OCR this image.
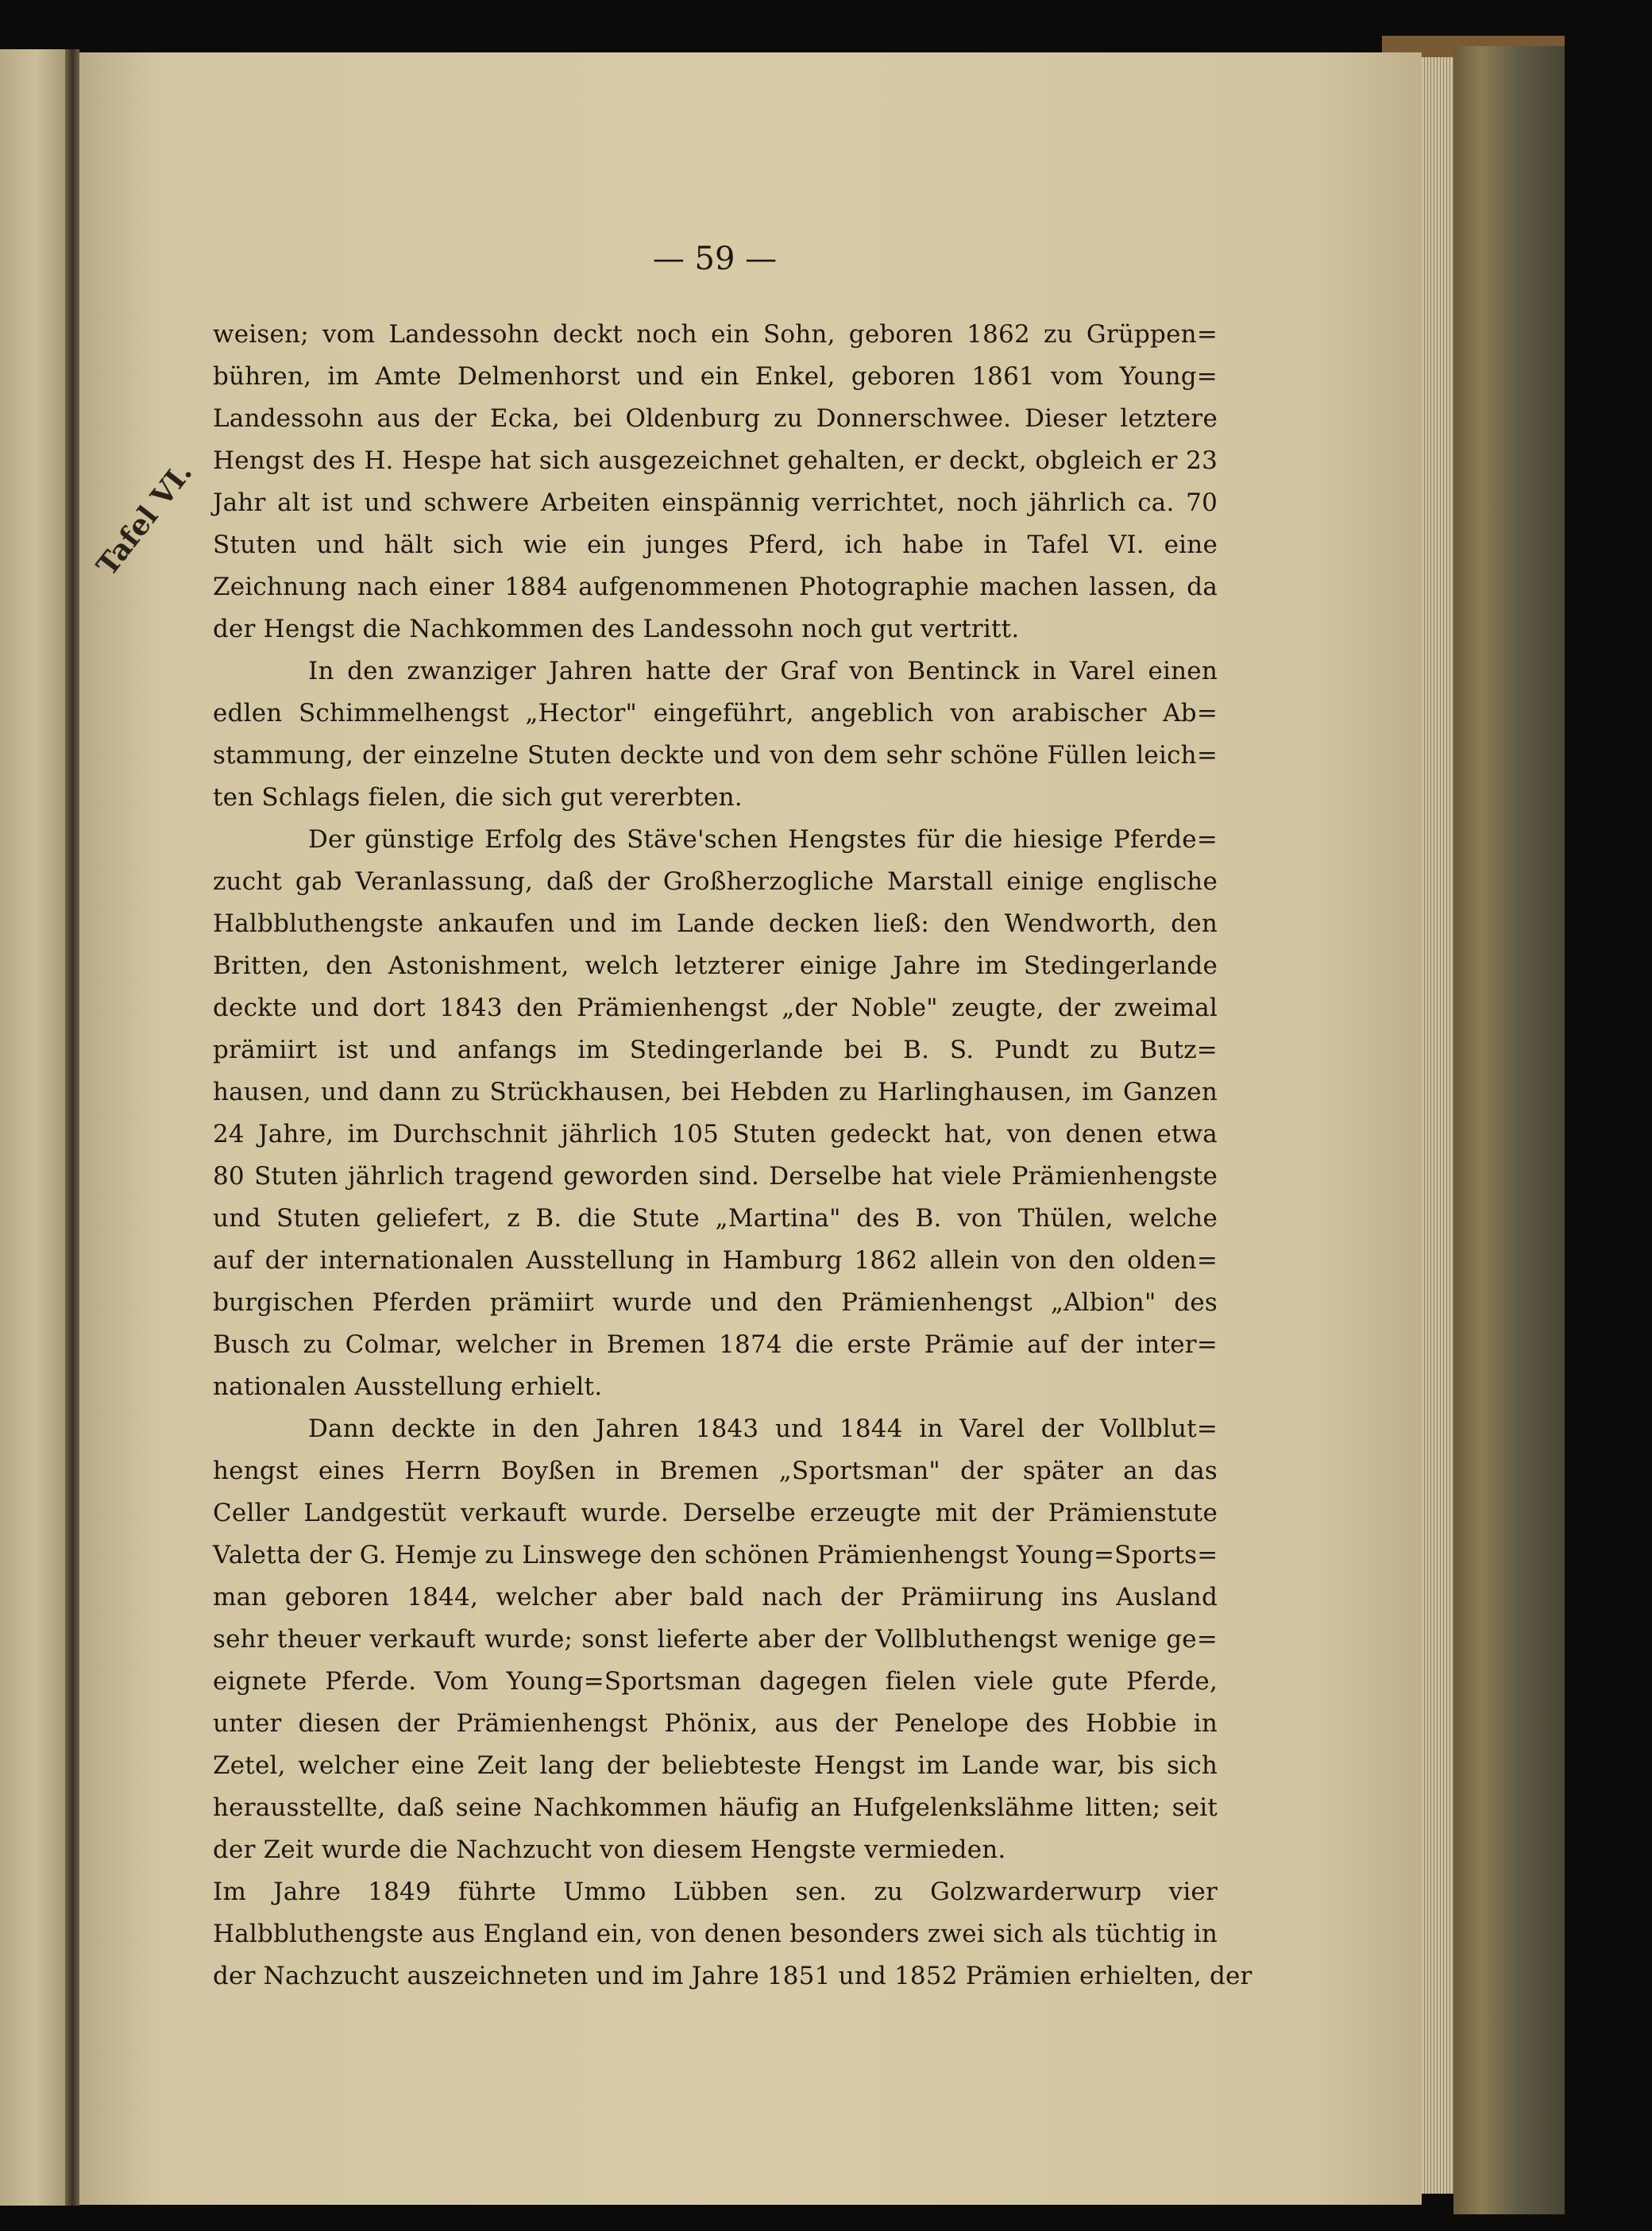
— 59 —
Tafel VI.
weisen; vom Landessohn deckt noch ein Sohn, geboren 1862 zu Grüppen=
bühren, im Amte Delmenhorst und ein Enkel, geboren 1861 vom Young=
Landessohn aus der Ecka, bei Oldenburg zu Donnerschwee. Dieser letztere
Hengst des H. Hespe hat sich ausgezeichnet gehalten, er deckt, obgleich er 23
Jahr alt ist und schwere Arbeiten einspännig verrichtet, noch jährlich ca. 70
Stuten und hält sich wie ein junges Pferd, ich habe in Tafel VI. eine
Zeichnung nach einer 1884 aufgenommenen Photographie machen lassen, da
der Hengst die Nachkommen des Landessohn noch gut vertritt.
In den zwanziger Jahren hatte der Graf von Bentinck in Varel einen
edlen Schimmelhengst „Hector" eingeführt, angeblich von arabischer Ab=
stammung, der einzelne Stuten deckte und von dem sehr schöne Füllen leich=
ten Schlags fielen, die sich gut vererbten.
Der günstige Erfolg des Stäve'schen Hengstes für die hiesige Pferde=
zucht gab Veranlassung, daß der Großherzogliche Marstall einige englische
Halbbluthengste ankaufen und im Lande decken ließ: den Wendworth, den
Britten, den Astonishment, welch letzterer einige Jahre im Stedingerlande
deckte und dort 1843 den Prämienhengst „der Noble" zeugte, der zweimal
prämiirt ist und anfangs im Stedingerlande bei B. S. Pundt zu Butz=
hausen, und dann zu Strückhausen, bei Hebden zu Harlinghausen, im Ganzen
24 Jahre, im Durchschnit jährlich 105 Stuten gedeckt hat, von denen etwa
80 Stuten jährlich tragend geworden sind. Derselbe hat viele Prämienhengste
und Stuten geliefert, z B. die Stute „Martina" des B. von Thülen, welche
auf der internationalen Ausstellung in Hamburg 1862 allein von den olden=
burgischen Pferden prämiirt wurde und den Prämienhengst „Albion" des
Busch zu Colmar, welcher in Bremen 1874 die erste Prämie auf der inter=
nationalen Ausstellung erhielt.
Dann deckte in den Jahren 1843 und 1844 in Varel der Vollblut=
hengst eines Herrn Boyßen in Bremen „Sportsman" der später an das
Celler Landgestüt verkauft wurde. Derselbe erzeugte mit der Prämienstute
Valetta der G. Hemje zu Linswege den schönen Prämienhengst Young=Sports=
man geboren 1844, welcher aber bald nach der Prämiirung ins Ausland
sehr theuer verkauft wurde; sonst lieferte aber der Vollbluthengst wenige ge=
eignete Pferde. Vom Young=Sportsman dagegen fielen viele gute Pferde,
unter diesen der Prämienhengst Phönix, aus der Penelope des Hobbie in
Zetel, welcher eine Zeit lang der beliebteste Hengst im Lande war, bis sich
herausstellte, daß seine Nachkommen häufig an Hufgelenkslähme litten; seit
der Zeit wurde die Nachzucht von diesem Hengste vermieden.
Im Jahre 1849 führte Ummo Lübben sen. zu Golzwarderwurp vier
Halbbluthengste aus England ein, von denen besonders zwei sich als tüchtig in
der Nachzucht auszeichneten und im Jahre 1851 und 1852 Prämien erhielten, der
